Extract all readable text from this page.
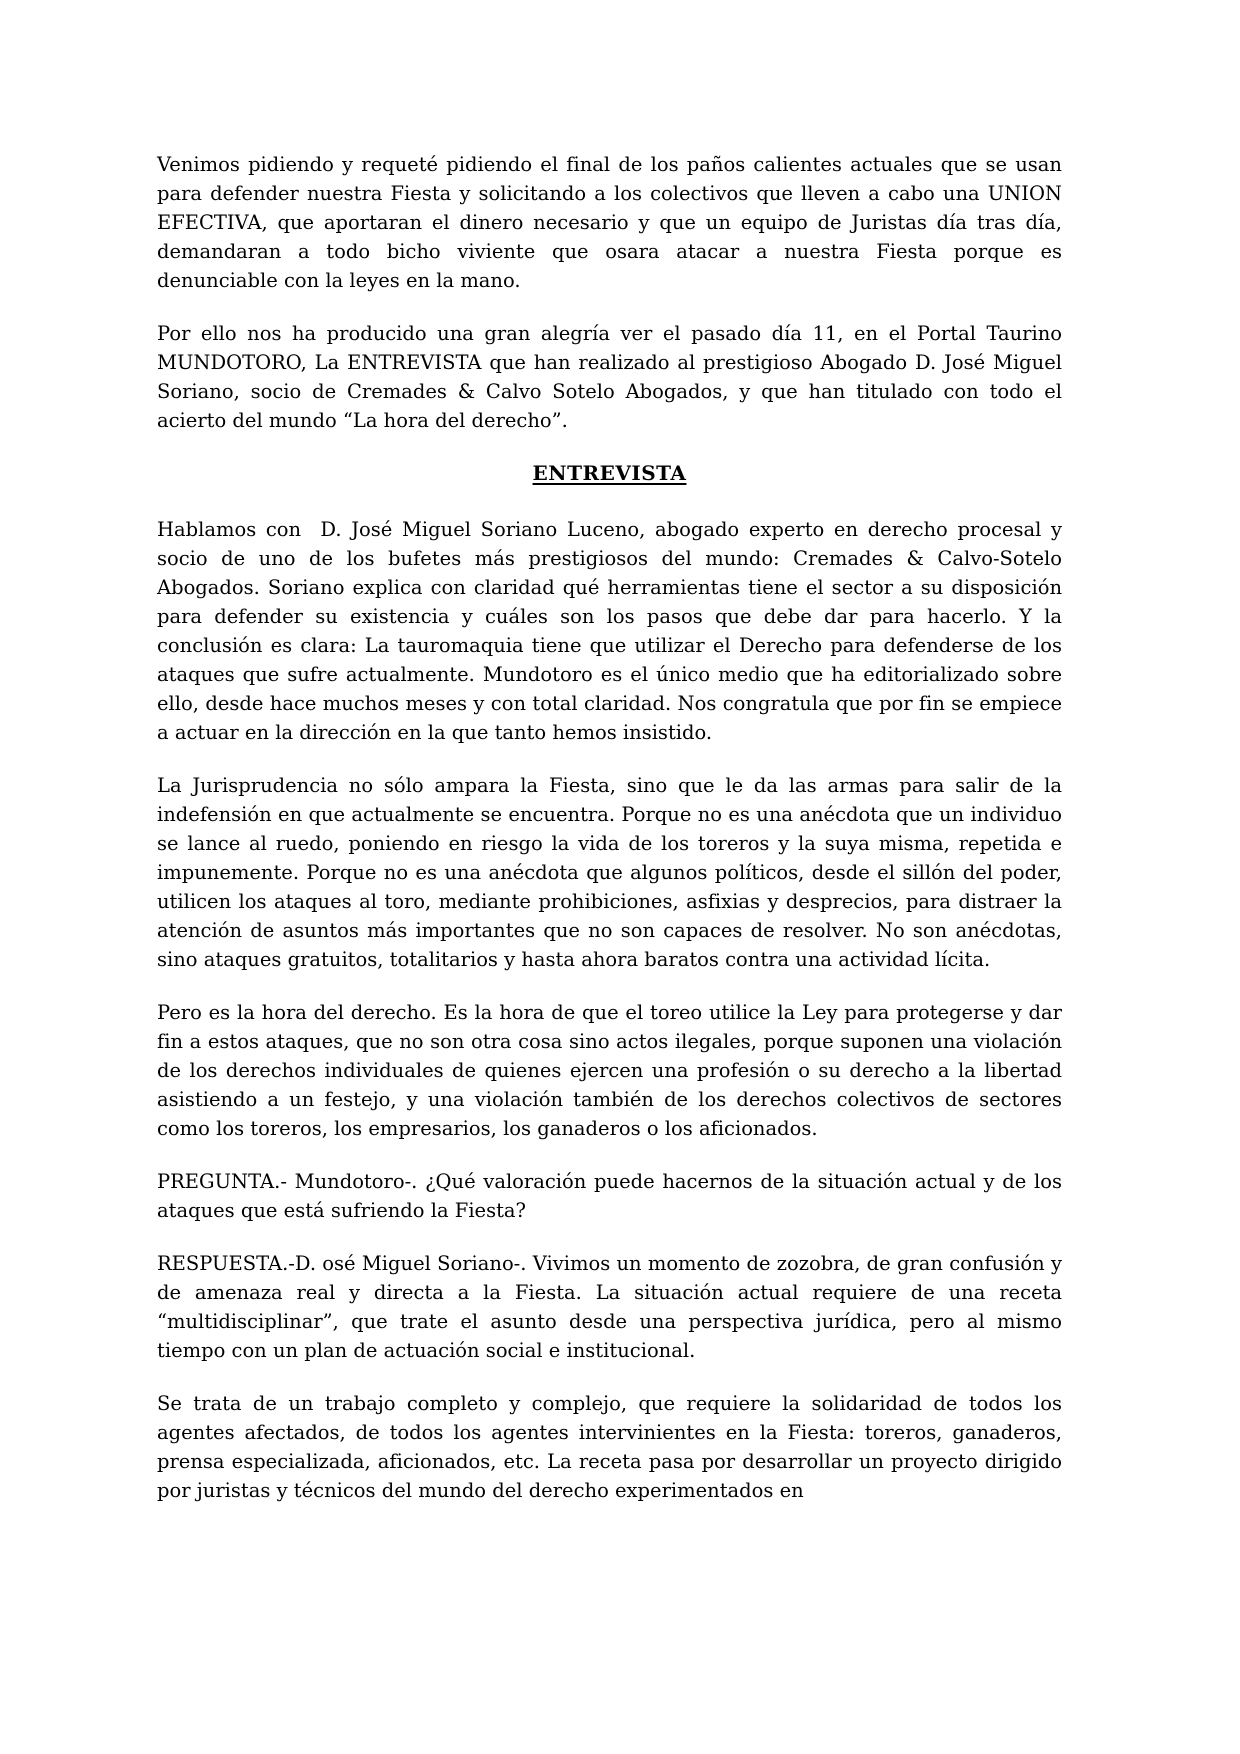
Venimos pidiendo y requeté pidiendo el final de los paños calientes actuales que se usan para defender nuestra Fiesta y solicitando a los colectivos que lleven a cabo una UNION EFECTIVA, que aportaran el dinero necesario y que un equipo de Juristas día tras día, demandaran a todo bicho viviente que osara atacar a nuestra Fiesta porque es denunciable con la leyes en la mano.

Por ello nos ha producido una gran alegría ver el pasado día 11, en el Portal Taurino MUNDOTORO, La ENTREVISTA que han realizado al prestigioso Abogado D. José Miguel Soriano, socio de Cremades & Calvo Sotelo Abogados, y que han titulado con todo el acierto del mundo “La hora del derecho”.

ENTREVISTA

Hablamos con  D. José Miguel Soriano Luceno, abogado experto en derecho procesal y socio de uno de los bufetes más prestigiosos del mundo: Cremades & Calvo-Sotelo Abogados. Soriano explica con claridad qué herramientas tiene el sector a su disposición para defender su existencia y cuáles son los pasos que debe dar para hacerlo. Y la conclusión es clara: La tauromaquia tiene que utilizar el Derecho para defenderse de los ataques que sufre actualmente. Mundotoro es el único medio que ha editorializado sobre ello, desde hace muchos meses y con total claridad. Nos congratula que por fin se empiece a actuar en la dirección en la que tanto hemos insistido.

La Jurisprudencia no sólo ampara la Fiesta, sino que le da las armas para salir de la indefensión en que actualmente se encuentra. Porque no es una anécdota que un individuo se lance al ruedo, poniendo en riesgo la vida de los toreros y la suya misma, repetida e impunemente. Porque no es una anécdota que algunos políticos, desde el sillón del poder, utilicen los ataques al toro, mediante prohibiciones, asfixias y desprecios, para distraer la atención de asuntos más importantes que no son capaces de resolver. No son anécdotas, sino ataques gratuitos, totalitarios y hasta ahora baratos contra una actividad lícita.

Pero es la hora del derecho. Es la hora de que el toreo utilice la Ley para protegerse y dar fin a estos ataques, que no son otra cosa sino actos ilegales, porque suponen una violación de los derechos individuales de quienes ejercen una profesión o su derecho a la libertad asistiendo a un festejo, y una violación también de los derechos colectivos de sectores como los toreros, los empresarios, los ganaderos o los aficionados.

PREGUNTA.- Mundotoro-. ¿Qué valoración puede hacernos de la situación actual y de los ataques que está sufriendo la Fiesta?

RESPUESTA.-D. osé Miguel Soriano-. Vivimos un momento de zozobra, de gran confusión y de amenaza real y directa a la Fiesta. La situación actual requiere de una receta “multidisciplinar”, que trate el asunto desde una perspectiva jurídica, pero al mismo tiempo con un plan de actuación social e institucional.

Se trata de un trabajo completo y complejo, que requiere la solidaridad de todos los agentes afectados, de todos los agentes intervinientes en la Fiesta: toreros, ganaderos, prensa especializada, aficionados, etc. La receta pasa por desarrollar un proyecto dirigido por juristas y técnicos del mundo del derecho experimentados en
